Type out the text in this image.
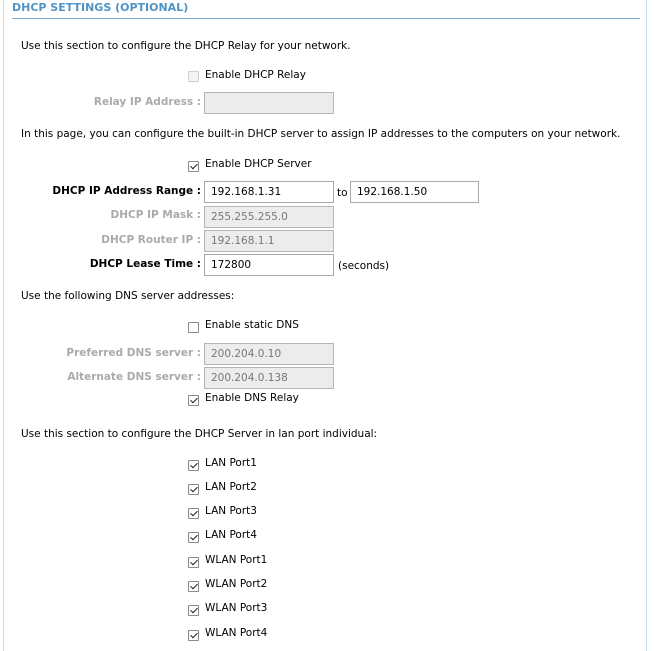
DHCP SETTINGS (OPTIONAL)
Use this section to configure the DHCP Relay for your network.
Enable DHCP Relay
Relay IP Address :
In this page, you can configure the built-in DHCP server to assign IP addresses to the computers on your network.
Enable DHCP Server
DHCP IP Address Range : 192.168.1.31	to 192.168.1.50
DHCP IP Mask : 255.255.255.0
DHCP Router IP : 192.168.1.1
DHCP Lease Time : 172800	(seconds)
Use the following DNS server addresses:
Enable static DNS
Preferred DNS server : 200.204.0.10
Alternate DNS server : 200.204.0.138
Enable DNS Relay
Use this section to configure the DHCP Server in lan port individual:
LAN Port1
LAN Port2
LAN Port3
LAN Port4
WLAN Port1
WLAN Port2
WLAN Port3
WLAN Port4
